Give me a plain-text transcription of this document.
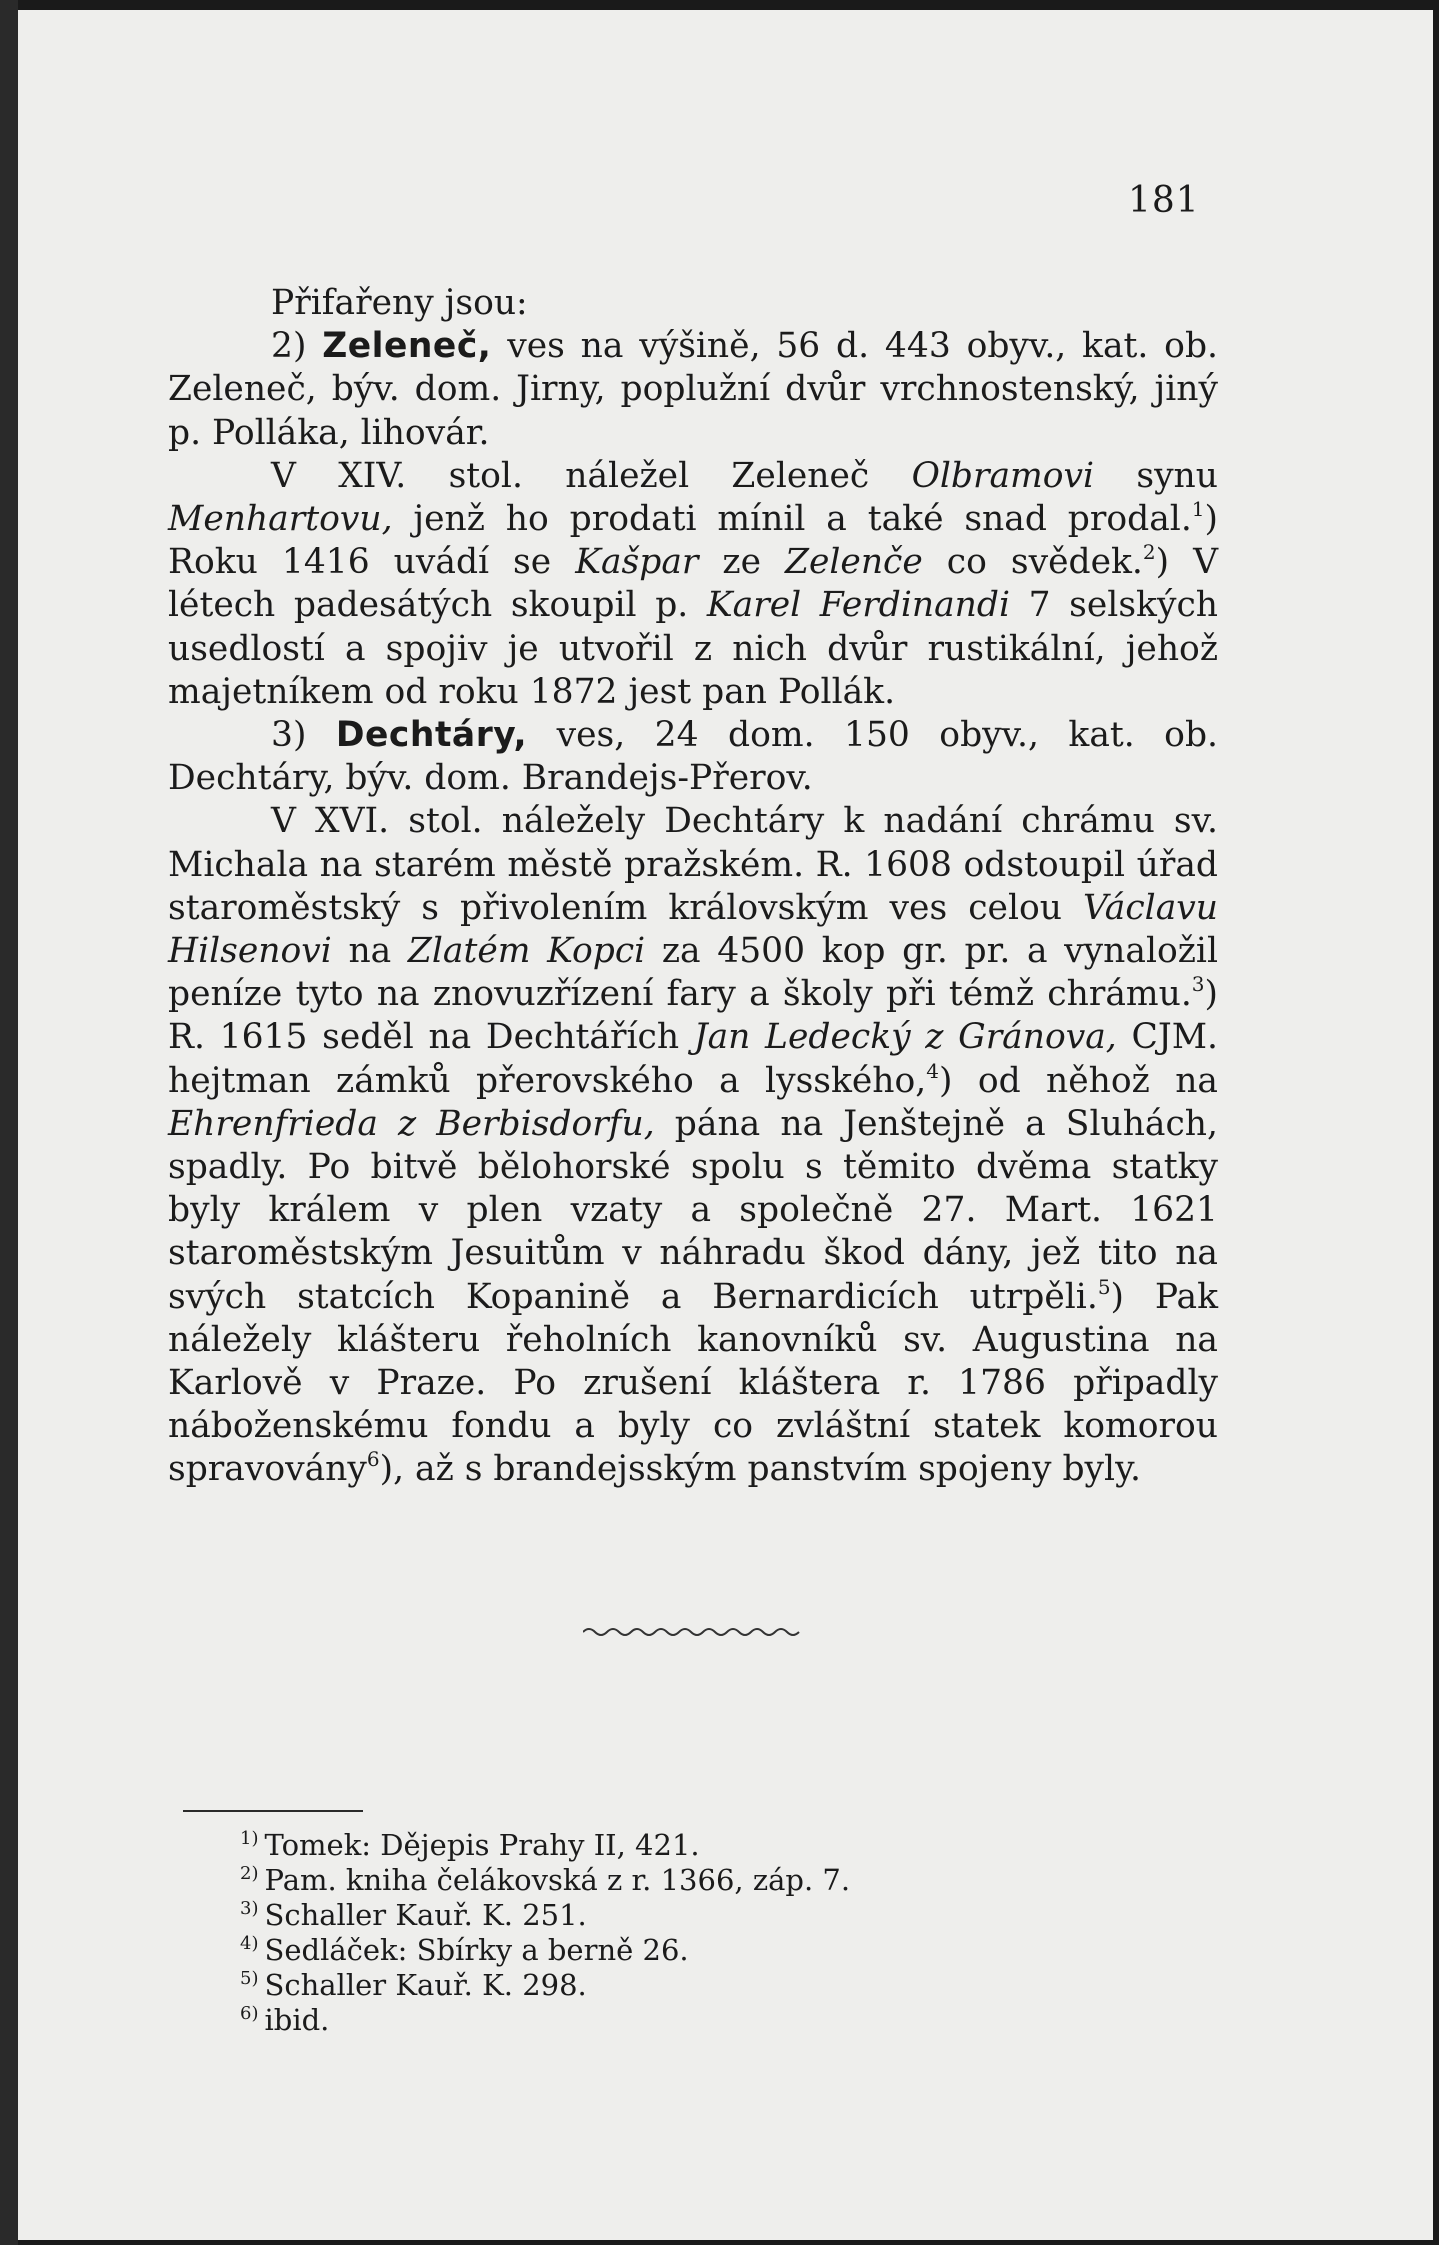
181

Přifařeny jsou:

2) Zeleneč, ves na výšině, 56 d. 443 obyv., kat. ob. Zeleneč, býv. dom. Jirny, poplužní dvůr vrchnostenský, jiný p. Polláka, lihovár.

V XIV. stol. náležel Zeleneč Olbramovi synu Menhartovu, jenž ho prodati mínil a také snad prodal.$^1$) Roku 1416 uvádí se Kašpar ze Zelenče co svědek.$^2$) V létech padesátých skoupil p. Karel Ferdinandi 7 selských usedlostí a spojiv je utvořil z nich dvůr rustikální, jehož majetníkem od roku 1872 jest pan Pollák.

3) Dechtáry, ves, 24 dom. 150 obyv., kat. ob. Dechtáry, býv. dom. Brandejs-Přerov.

V XVI. stol. náležely Dechtáry k nadání chrámu sv. Michala na starém městě pražském. R. 1608 odstoupil úřad staroměstský s přivolením královským ves celou Václavu Hilsenovi na Zlatém Kopci za 4500 kop gr. pr. a vynaložil peníze tyto na znovuzřízení fary a školy při témž chrámu.$^3$) R. 1615 seděl na Dechtářích Jan Ledecký z Gránova, CJM. hejtman zámků přerovského a lysského,$^4$) od něhož na Ehrenfrieda z Berbisdorfu, pána na Jenštejně a Sluhách, spadly. Po bitvě bělohorské spolu s těmito dvěma statky byly králem v plen vzaty a společně 27. Mart. 1621 staroměstským Jesuitům v náhradu škod dány, jež tito na svých statcích Kopanině a Bernardicích utrpěli.$^5$) Pak náležely klášteru řeholních kanovníků sv. Augustina na Karlově v Praze. Po zrušení kláštera r. 1786 připadly náboženskému fondu a byly co zvláštní statek komorou spravovány$^6$), až s brandejsským panstvím spojeny byly.

$^{1)}$ Tomek: Dějepis Prahy II, 421.
$^{2)}$ Pam. kniha čelákovská z r. 1366, záp. 7.
$^{3)}$ Schaller Kauř. K. 251.
$^{4)}$ Sedláček: Sbírky a berně 26.
$^{5)}$ Schaller Kauř. K. 298.
$^{6)}$ ibid.
